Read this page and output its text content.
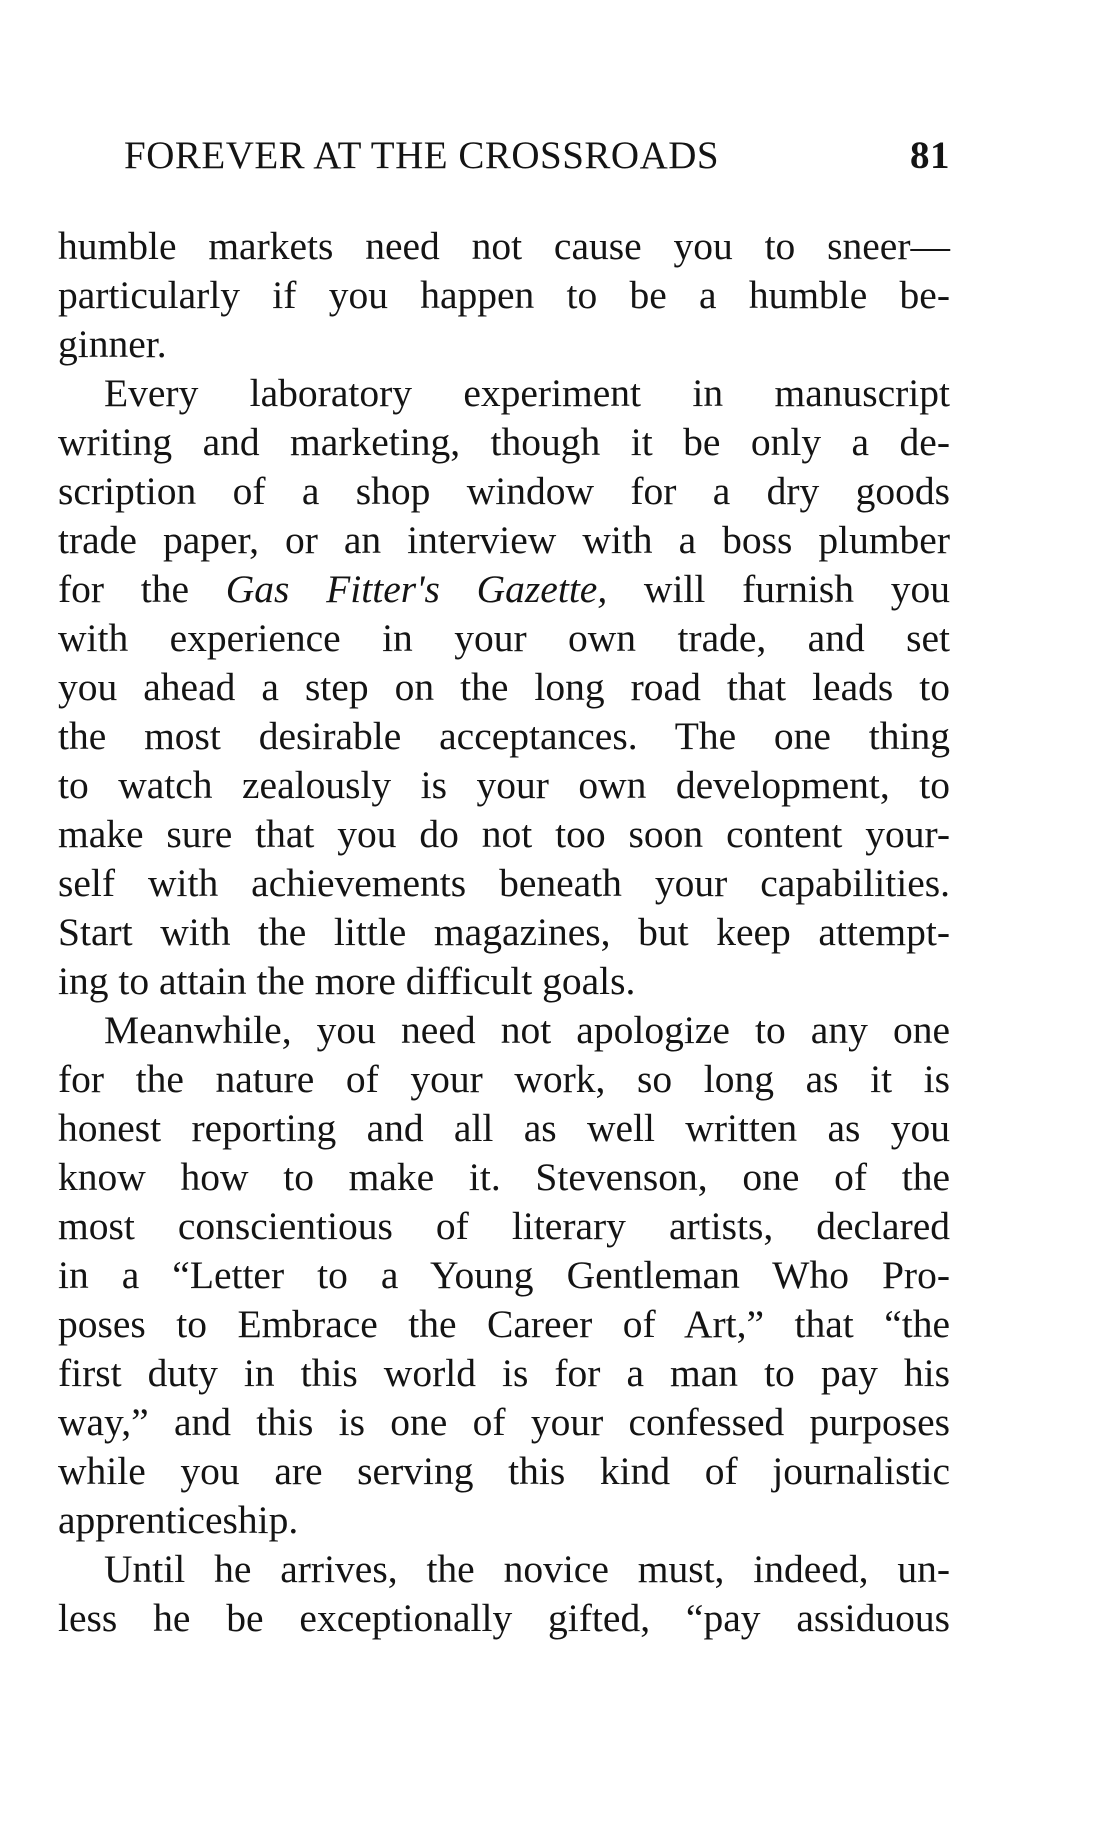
FOREVER AT THE CROSSROADS	81
humble markets need not cause you to sneer—
particularly if you happen to be a humble be-
ginner.
Every laboratory experiment in manuscript
writing and marketing, though it be only a de-
scription of a shop window for a dry goods
trade paper, or an interview with a boss plumber
for the Gas Fitter's Gazette, will furnish you
with experience in your own trade, and set
you ahead a step on the long road that leads to
the most desirable acceptances. The one thing
to watch zealously is your own development, to
make sure that you do not too soon content your-
self with achievements beneath your capabilities.
Start with the little magazines, but keep attempt-
ing to attain the more difficult goals.
Meanwhile, you need not apologize to any one
for the nature of your work, so long as it is
honest reporting and all as well written as you
know how to make it. Stevenson, one of the
most conscientious of literary artists, declared
in a “Letter to a Young Gentleman Who Pro-
poses to Embrace the Career of Art,” that “the
first duty in this world is for a man to pay his
way,” and this is one of your confessed purposes
while you are serving this kind of journalistic
apprenticeship.
Until he arrives, the novice must, indeed, un-
less he be exceptionally gifted, “pay assiduous
